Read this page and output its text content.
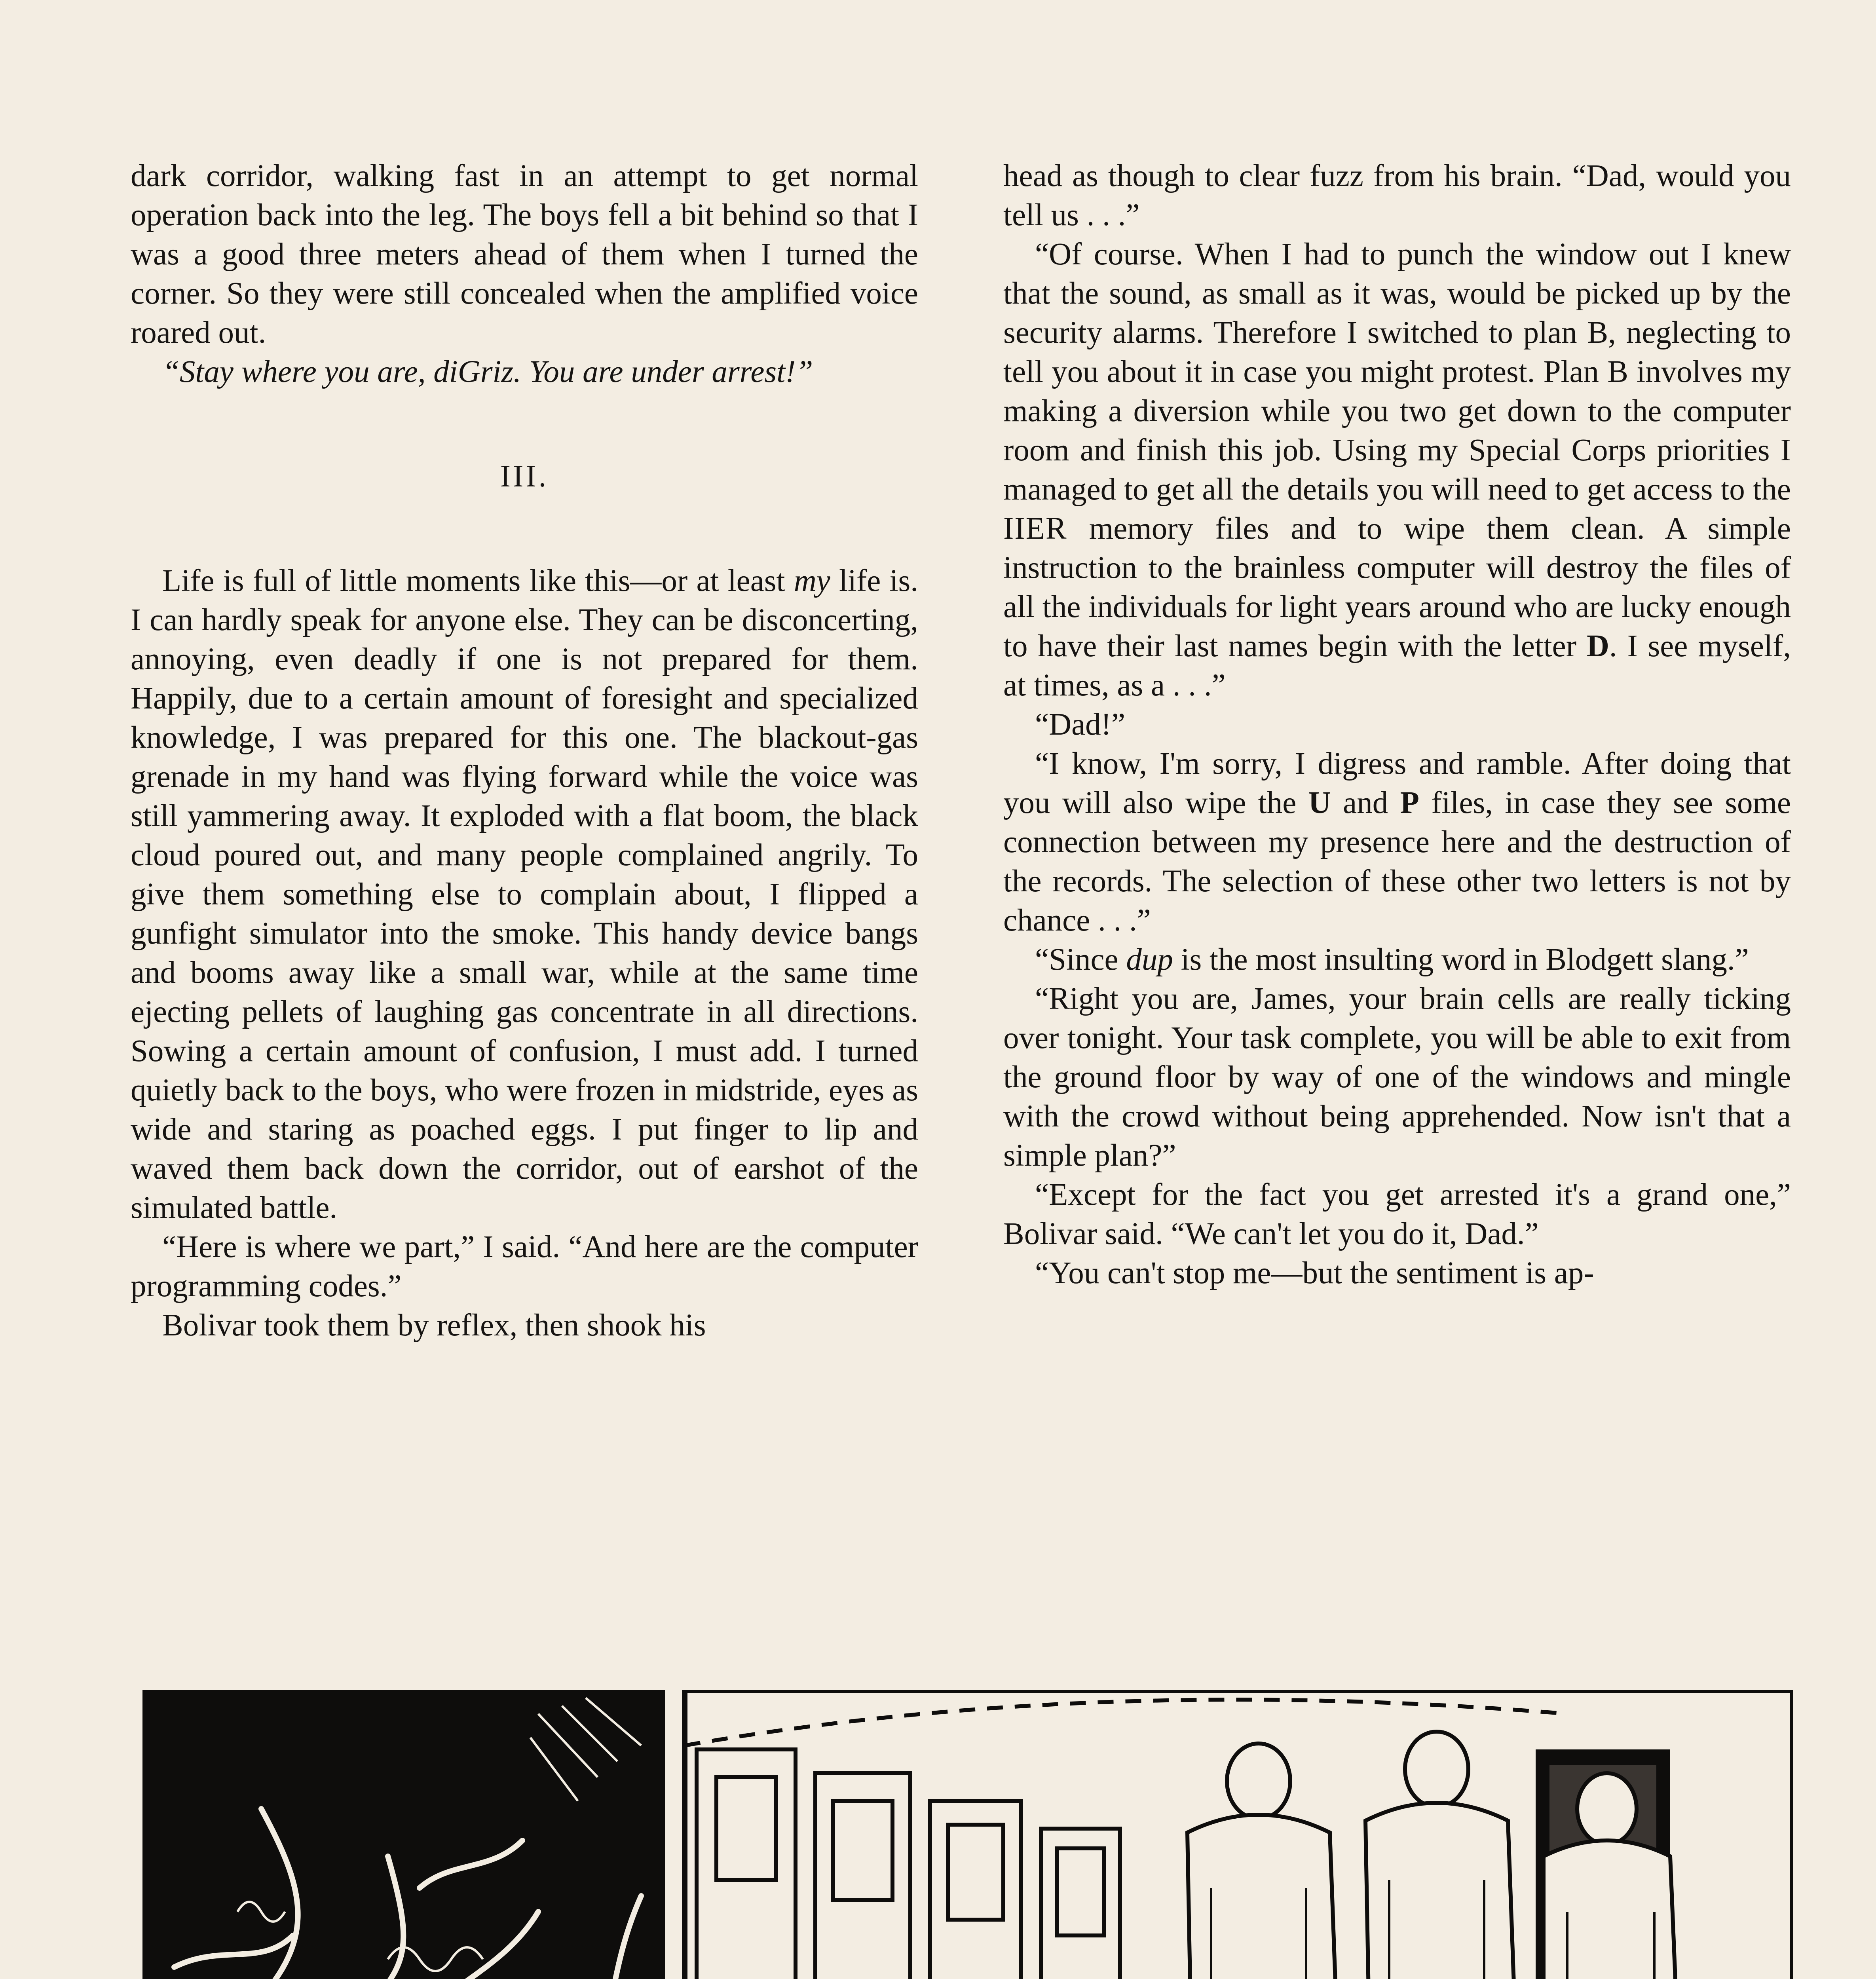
dark corridor, walking fast in an attempt to get normal operation back into the leg. The boys fell a bit behind so that I was a good three meters ahead of them when I turned the corner. So they were still concealed when the amplified voice roared out.

“Stay where you are, diGriz. You are under arrest!”

III.

Life is full of little moments like this—or at least my life is. I can hardly speak for anyone else. They can be disconcerting, annoying, even deadly if one is not prepared for them. Happily, due to a certain amount of foresight and specialized knowledge, I was prepared for this one. The blackout-gas grenade in my hand was flying forward while the voice was still yammering away. It exploded with a flat boom, the black cloud poured out, and many people complained angrily. To give them something else to complain about, I flipped a gunfight simulator into the smoke. This handy device bangs and booms away like a small war, while at the same time ejecting pellets of laughing gas concentrate in all directions. Sowing a certain amount of confusion, I must add. I turned quietly back to the boys, who were frozen in midstride, eyes as wide and staring as poached eggs. I put finger to lip and waved them back down the corridor, out of earshot of the simulated battle.

“Here is where we part,” I said. “And here are the computer programming codes.”

Bolivar took them by reflex, then shook his

head as though to clear fuzz from his brain. “Dad, would you tell us . . .”

“Of course. When I had to punch the window out I knew that the sound, as small as it was, would be picked up by the security alarms. Therefore I switched to plan B, neglecting to tell you about it in case you might protest. Plan B involves my making a diversion while you two get down to the computer room and finish this job. Using my Special Corps priorities I managed to get all the details you will need to get access to the IIER memory files and to wipe them clean. A simple instruction to the brainless computer will destroy the files of all the individuals for light years around who are lucky enough to have their last names begin with the letter D. I see myself, at times, as a . . .”

“Dad!”

“I know, I'm sorry, I digress and ramble. After doing that you will also wipe the U and P files, in case they see some connection between my presence here and the destruction of the records. The selection of these other two letters is not by chance . . .”

“Since dup is the most insulting word in Blodgett slang.”

“Right you are, James, your brain cells are really ticking over tonight. Your task complete, you will be able to exit from the ground floor by way of one of the windows and mingle with the crowd without being apprehended. Now isn't that a simple plan?”

“Except for the fact you get arrested it's a grand one,” Bolivar said. “We can't let you do it, Dad.”

“You can't stop me—but the sentiment is ap-
